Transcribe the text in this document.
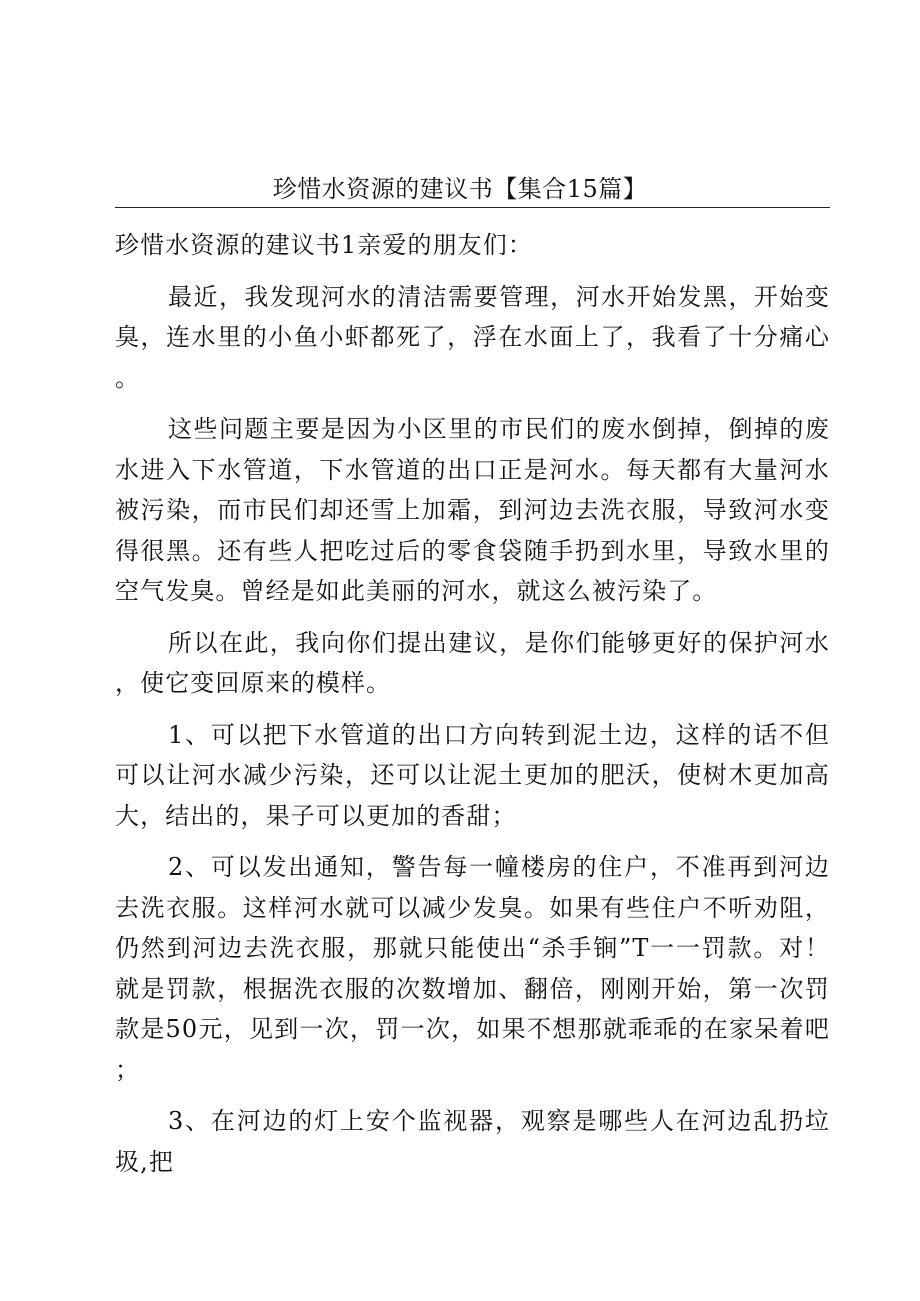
珍惜水资源的建议书【集合15篇】

珍惜水资源的建议书1亲爱的朋友们：

最近，我发现河水的清洁需要管理，河水开始发黑，开始变臭，连水里的小鱼小虾都死了，浮在水面上了，我看了十分痛心。

这些问题主要是因为小区里的市民们的废水倒掉，倒掉的废水进入下水管道，下水管道的出口正是河水。每天都有大量河水被污染，而市民们却还雪上加霜，到河边去洗衣服，导致河水变得很黑。还有些人把吃过后的零食袋随手扔到水里，导致水里的空气发臭。曾经是如此美丽的河水，就这么被污染了。

所以在此，我向你们提出建议，是你们能够更好的保护河水，使它变回原来的模样。

1、可以把下水管道的出口方向转到泥土边，这样的话不但可以让河水减少污染，还可以让泥土更加的肥沃，使树木更加高大，结出的，果子可以更加的香甜；

2、可以发出通知，警告每一幢楼房的住户，不准再到河边去洗衣服。这样河水就可以减少发臭。如果有些住户不听劝阻，仍然到河边去洗衣服，那就只能使出“杀手锏”T一一罚款。对！就是罚款，根据洗衣服的次数增加、翻倍，刚刚开始，第一次罚款是50元，见到一次，罚一次，如果不想那就乖乖的在家呆着吧；

3、在河边的灯上安个监视器，观察是哪些人在河边乱扔垃圾,把
